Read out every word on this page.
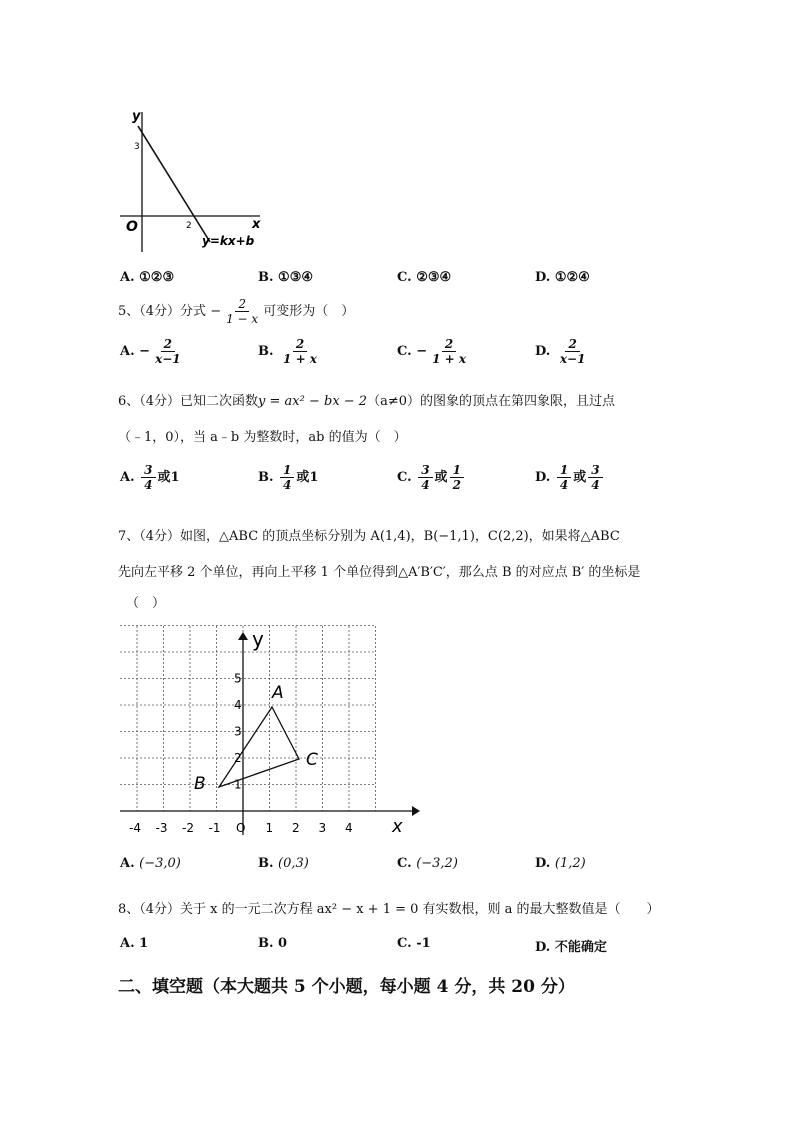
y
x
O
3
2
y=kx+b
A. ①②③	B. ①③④	C. ②③④	D. ①②④
5、（4分）分式 − $\frac{2}{1 - x}$ 可变形为（　）
A. − $\frac{2}{x-1}$	B. $\frac{2}{1 + x}$	C. − $\frac{2}{1 + x}$	D. $\frac{2}{x-1}$
6、（4分）已知二次函数y = ax² − bx − 2（a≠0）的图象的顶点在第四象限，且过点
（﹣1，0），当 a﹣b 为整数时，ab 的值为（　）
A. $\frac{3}{4}$ 或1	B. $\frac{1}{4}$ 或1	C. $\frac{3}{4}$ 或 $\frac{1}{2}$	D. $\frac{1}{4}$ 或 $\frac{3}{4}$
7、（4分）如图，△ABC 的顶点坐标分别为 A(1,4)，B(−1,1)，C(2,2)，如果将△ABC
先向左平移 2 个单位，再向上平移 1 个单位得到△A′B′C′，那么点 B 的对应点 B′ 的坐标是
（　）
-4 -3 -2 -1	1 2 3 4
1
2
3
4
5
O
y
x
A
B
C
A. (−3,0)	B. (0,3)	C. (−3,2)	D. (1,2)
8、（4分）关于 x 的一元二次方程 ax² − x + 1 = 0 有实数根，则 a 的最大整数值是（　　）
A. 1	B. 0	C. -1	D. 不能确定
二、填空题（本大题共 5 个小题，每小题 4 分，共 20 分）
